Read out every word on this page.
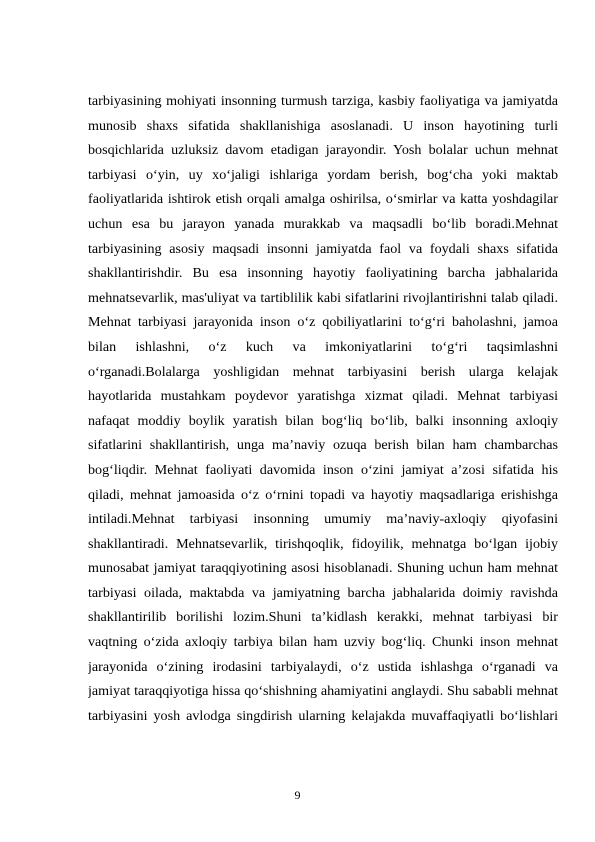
tarbiyasining mohiyati insonning turmush tarziga, kasbiy faoliyatiga va jamiyatda
munosib shaxs sifatida shakllanishiga asoslanadi. U inson hayotining turli
bosqichlarida uzluksiz davom etadigan jarayondir. Yosh bolalar uchun mehnat
tarbiyasi o‘yin, uy xo‘jaligi ishlariga yordam berish, bog‘cha yoki maktab
faoliyatlarida ishtirok etish orqali amalga oshirilsa, o‘smirlar va katta yoshdagilar
uchun esa bu jarayon yanada murakkab va maqsadli bo‘lib boradi.Mehnat
tarbiyasining asosiy maqsadi insonni jamiyatda faol va foydali shaxs sifatida
shakllantirishdir. Bu esa insonning hayotiy faoliyatining barcha jabhalarida
mehnatsevarlik, mas'uliyat va tartiblilik kabi sifatlarini rivojlantirishni talab qiladi.
Mehnat tarbiyasi jarayonida inson o‘z qobiliyatlarini to‘g‘ri baholashni, jamoa
bilan ishlashni, o‘z kuch va imkoniyatlarini to‘g‘ri taqsimlashni
o‘rganadi.Bolalarga yoshligidan mehnat tarbiyasini berish ularga kelajak
hayotlarida mustahkam poydevor yaratishga xizmat qiladi. Mehnat tarbiyasi
nafaqat moddiy boylik yaratish bilan bog‘liq bo‘lib, balki insonning axloqiy
sifatlarini shakllantirish, unga ma’naviy ozuqa berish bilan ham chambarchas
bog‘liqdir. Mehnat faoliyati davomida inson o‘zini jamiyat a’zosi sifatida his
qiladi, mehnat jamoasida o‘z o‘rnini topadi va hayotiy maqsadlariga erishishga
intiladi.Mehnat tarbiyasi insonning umumiy ma’naviy-axloqiy qiyofasini
shakllantiradi. Mehnatsevarlik, tirishqoqlik, fidoyilik, mehnatga bo‘lgan ijobiy
munosabat jamiyat taraqqiyotining asosi hisoblanadi. Shuning uchun ham mehnat
tarbiyasi oilada, maktabda va jamiyatning barcha jabhalarida doimiy ravishda
shakllantirilib borilishi lozim.Shuni ta’kidlash kerakki, mehnat tarbiyasi bir
vaqtning o‘zida axloqiy tarbiya bilan ham uzviy bog‘liq. Chunki inson mehnat
jarayonida o‘zining irodasini tarbiyalaydi, o‘z ustida ishlashga o‘rganadi va
jamiyat taraqqiyotiga hissa qo‘shishning ahamiyatini anglaydi. Shu sababli mehnat
tarbiyasini yosh avlodga singdirish ularning kelajakda muvaffaqiyatli bo‘lishlari
9
